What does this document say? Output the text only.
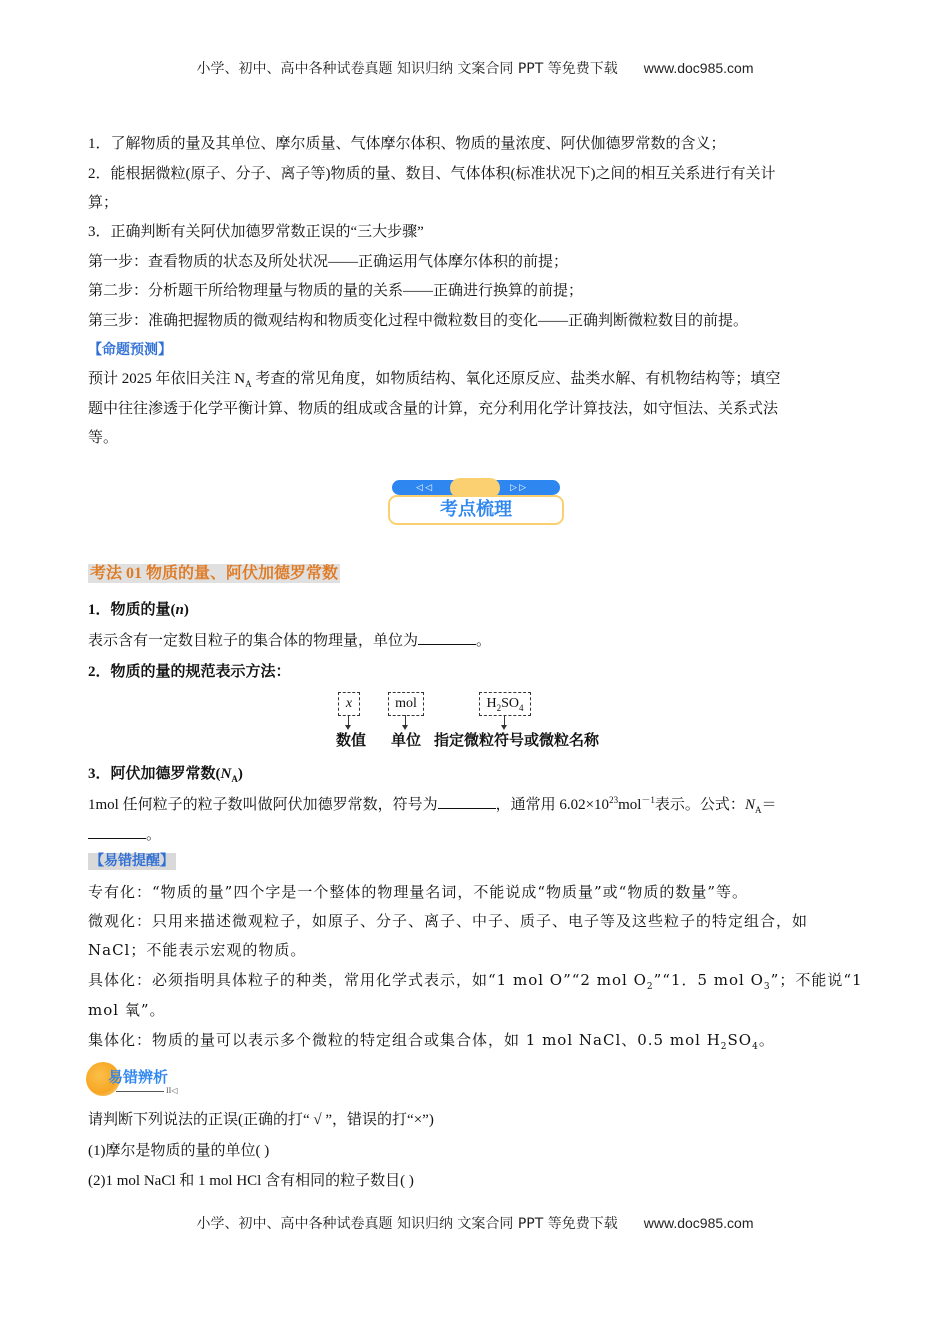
小学、初中、高中各种试卷真题 知识归纳 文案合同 PPT 等免费下载 www.doc985.com
1．了解物质的量及其单位、摩尔质量、气体摩尔体积、物质的量浓度、阿伏伽德罗常数的含义；
2．能根据微粒(原子、分子、离子等)物质的量、数目、气体体积(标准状况下)之间的相互关系进行有关计
算；
3．正确判断有关阿伏加德罗常数正误的“三大步骤”
第一步：查看物质的状态及所处状况——正确运用气体摩尔体积的前提；
第二步：分析题干所给物理量与物质的量的关系——正确进行换算的前提；
第三步：准确把握物质的微观结构和物质变化过程中微粒数目的变化——正确判断微粒数目的前提。
【命题预测】
预计 2025 年依旧关注 $N_A$ 考查的常见角度，如物质结构、氧化还原反应、盐类水解、有机物结构等；填空
题中往往渗透于化学平衡计算、物质的组成或含量的计算，充分利用化学计算技法，如守恒法、关系式法
等。
◁ ◁	▷ ▷
考点梳理
考法 01 物质的量、阿伏加德罗常数
1．物质的量(n)
表示含有一定数目粒子的集合体的物理量，单位为	。
2．物质的量的规范表示方法：
x
数值
mol
单位
$H_2SO_4$
指定微粒符号或微粒名称
3．阿伏加德罗常数$(N_A)$
1mol 任何粒子的粒子数叫做阿伏加德罗常数，符号为	，通常用 $6.02\times 10^{23}mol^{-1}$表示。公式：$N_A=$
。
【易错提醒】
专有化：“物质的量”四个字是一个整体的物理量名词，不能说成“物质量”或“物质的数量”等。
微观化：只用来描述微观粒子，如原子、分子、离子、中子、质子、电子等及这些粒子的特定组合，如
NaCl；不能表示宏观的物质。
具体化：必须指明具体粒子的种类，常用化学式表示，如“1 mol O”“2 mol $O_2”“1$．5 mol $O_3$”；不能说“1
mol 氧”。
集体化：物质的量可以表示多个微粒的特定组合或集合体，如 1 mol NaCl、0.5 mol $H_2SO_4$。
易错辨析
II◁
请判断下列说法的正误(正确的打“ √ ”，错误的打“×”)
(1)摩尔是物质的量的单位( )
(2)1 mol NaCl 和 1 mol HCl 含有相同的粒子数目( )
小学、初中、高中各种试卷真题 知识归纳 文案合同 PPT 等免费下载 www.doc985.com
